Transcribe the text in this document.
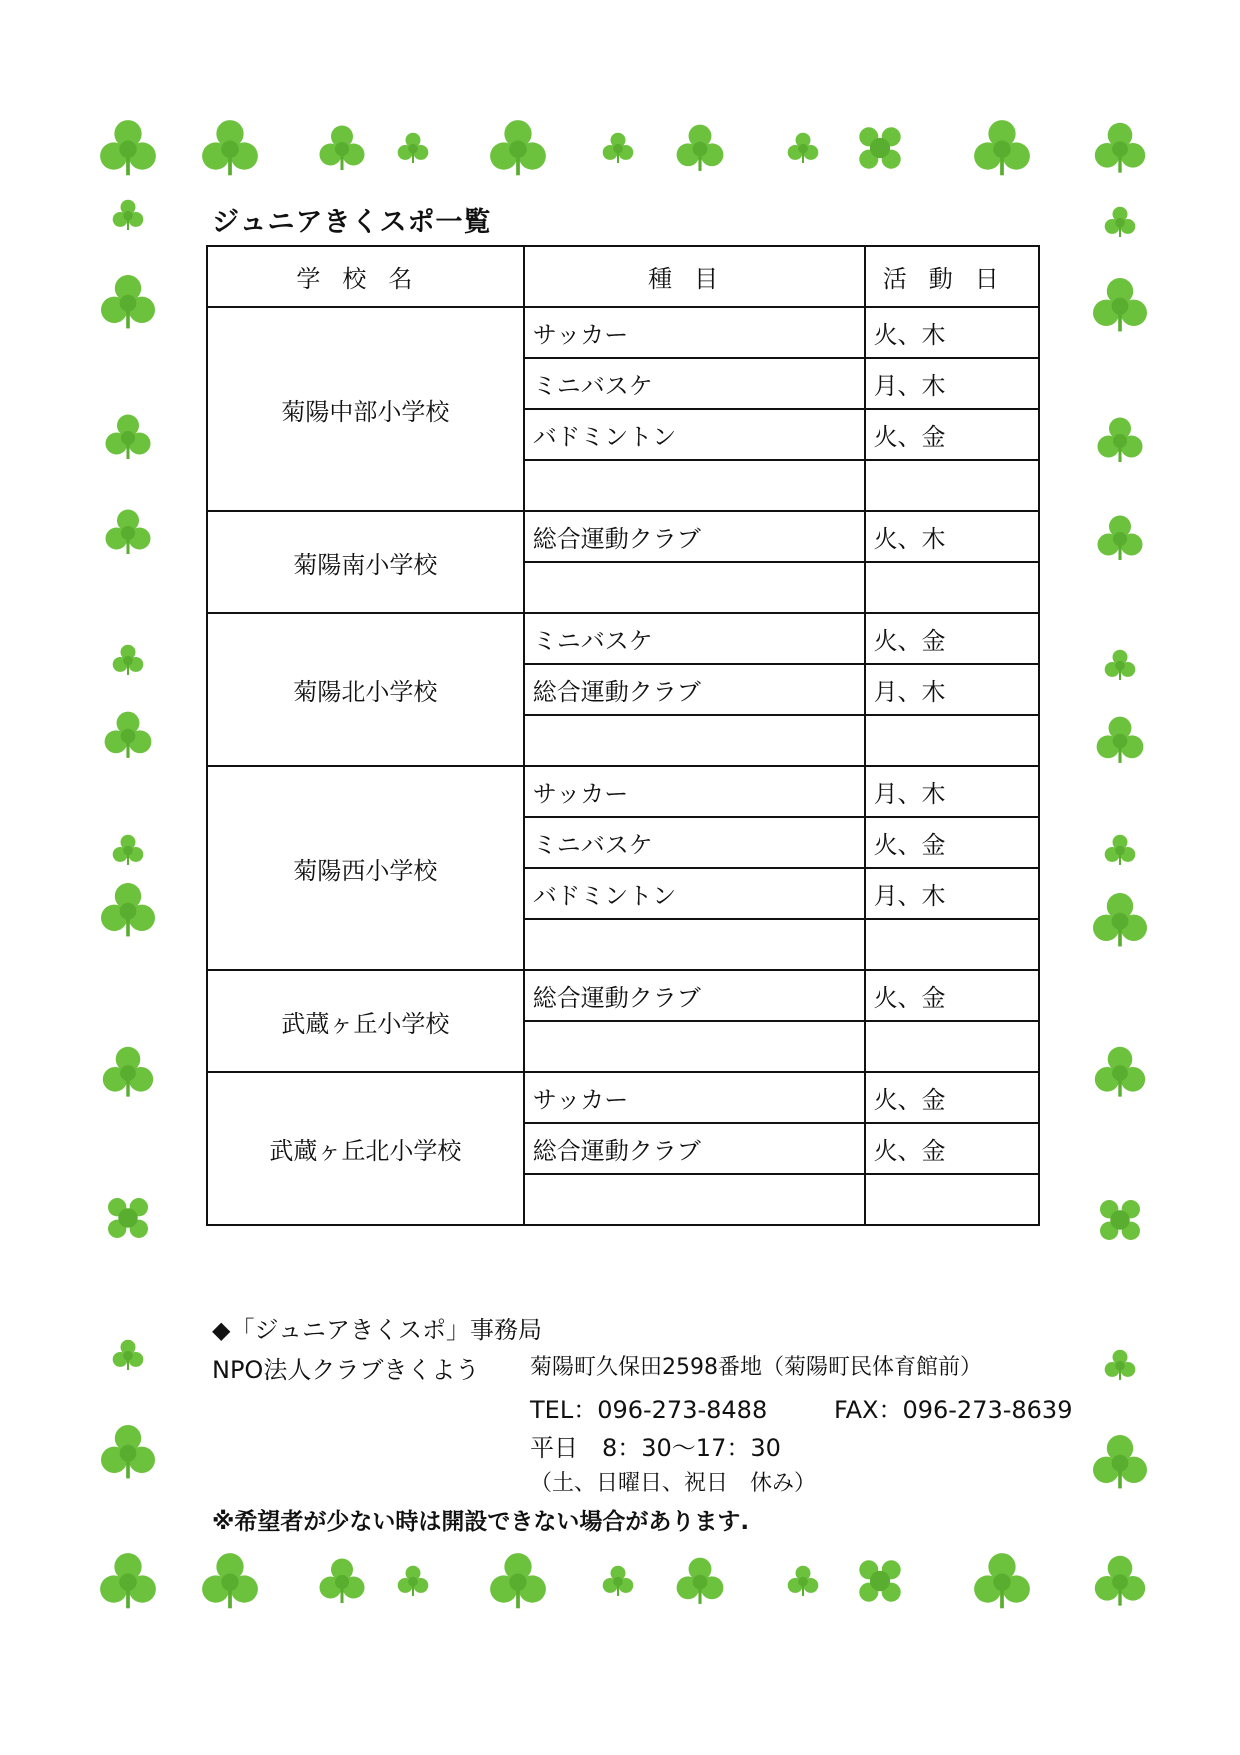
ジュニアきくスポ一覧
学校名	種目	活動日
菊陽中部小学校	サッカー	火、木
	ミニバスケ	月、木
	バドミントン	火、金

菊陽南小学校	総合運動クラブ	火、木

菊陽北小学校	ミニバスケ	火、金
	総合運動クラブ	月、木

菊陽西小学校	サッカー	月、木
	ミニバスケ	火、金
	バドミントン	月、木

武蔵ヶ丘小学校	総合運動クラブ	火、金

武蔵ヶ丘北小学校	サッカー	火、金
	総合運動クラブ	火、金

◆「ジュニアきくスポ」事務局
NPO法人クラブきくよう 菊陽町久保田2598番地（菊陽町民体育館前）
TEL：096-273-8488	FAX：096-273-8639
平日　8：30～17：30
（土、日曜日、祝日　休み）
※希望者が少ない時は開設できない場合があります.
